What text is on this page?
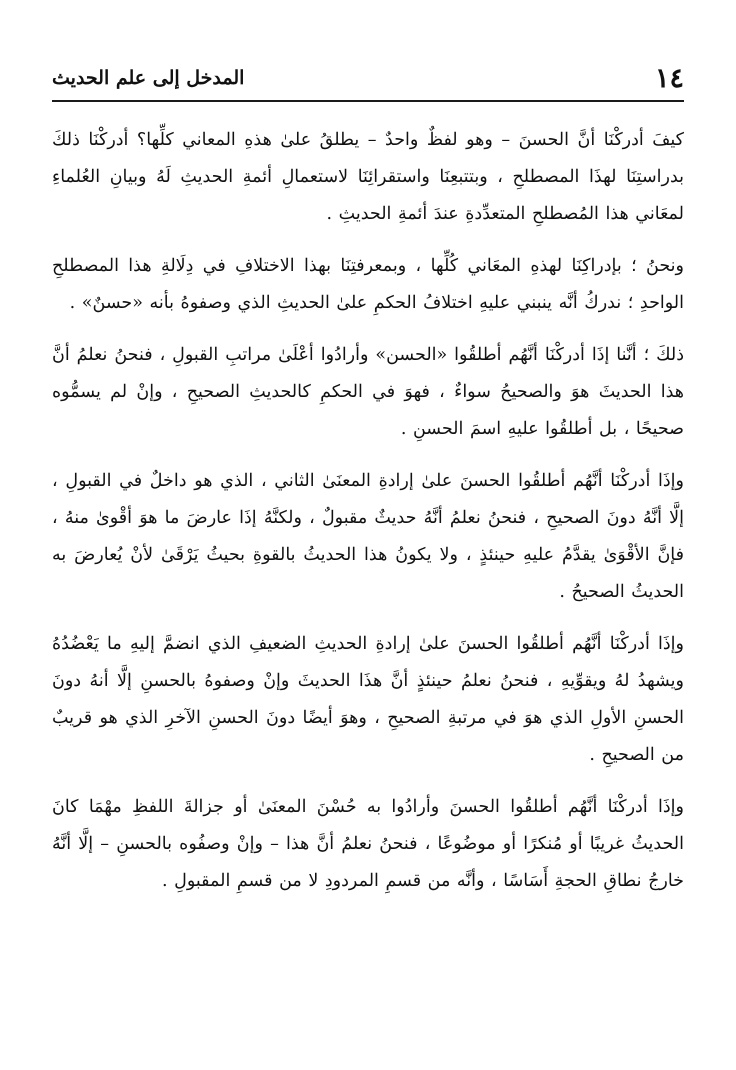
١٤
المدخل إلى علم الحديث

كيفَ أدركْنَا أنَّ الحسنَ – وهو لفظٌ واحدٌ – يطلقُ علىٰ هذهِ المعاني كلِّها؟ أدركْنَا ذلكَ بدراستِنَا لهذَا المصطلحِ ، وبتتبعِنَا واستقرائِنَا لاستعمالِ أئمةِ الحديثِ لَهُ وبيانِ العُلماءِ لمعَاني هذا المُصطلحِ المتعدِّدةِ عندَ أئمةِ الحديثِ .

ونحنُ ؛ بإدراكِنَا لهذهِ المعَاني كُلِّها ، وبمعرفتِنَا بهذا الاختلافِ في دِلَالةِ هذا المصطلحِ الواحدِ ؛ ندركُ أنَّه ينبني عليهِ اختلافُ الحكمِ علىٰ الحديثِ الذي وصفوهُ بأنه «حسنٌ» .

ذلكَ ؛ أنَّنا إذَا أدركْنَا أنَّهُم أطلقُوا «الحسن» وأرادُوا أعْلَىٰ مراتبِ القبولِ ، فنحنُ نعلمُ أنَّ هذا الحديثَ هوَ والصحيحُ سواءٌ ، فهوَ في الحكمِ كالحديثِ الصحيحِ ، وإنْ لم يسمُّوه صحيحًا ، بل أطلقُوا عليهِ اسمَ الحسنِ .

وإذَا أدركْنَا أنَّهُم أطلقُوا الحسنَ علىٰ إرادةِ المعنَىٰ الثاني ، الذي هو داخلٌ في القبولِ ، إلَّا أنَّهُ دونَ الصحيحِ ، فنحنُ نعلمُ أنَّهُ حديثٌ مقبولٌ ، ولكنَّهُ إذَا عارضَ ما هوَ أقْوىٰ منهُ ، فإنَّ الأقْوَىٰ يقدَّمُ عليهِ حينئذٍ ، ولا يكونُ هذا الحديثُ بالقوةِ بحيثُ يَرْقَىٰ لأنْ يُعارضَ به الحديثُ الصحيحُ .

وإذَا أدركْنَا أنَّهُم أطلقُوا الحسنَ علىٰ إرادةِ الحديثِ الضعيفِ الذي انضمَّ إليهِ ما يَعْضُدُهُ ويشهدُ لهُ ويقوِّيهِ ، فنحنُ نعلمُ حينئذٍ أنَّ هذَا الحديثَ وإنْ وصفوهُ بالحسنِ إلَّا أنهُ دونَ الحسنِ الأولِ الذي هوَ في مرتبةِ الصحيحِ ، وهوَ أيضًا دونَ الحسنِ الآخرِ الذي هو قريبٌ من الصحيحِ .

وإذَا أدركْنَا أنَّهُم أطلقُوا الحسنَ وأرادُوا به حُسْنَ المعنَىٰ أو جزالةَ اللفظِ مهْمَا كانَ الحديثُ غريبًا أو مُنكرًا أو موضُوعًا ، فنحنُ نعلمُ أنَّ هذا – وإنْ وصفُوه بالحسنِ – إلَّا أنَّهُ خارجُ نطاقِ الحجةِ أَسَاسًا ، وأنَّه من قسمِ المردودِ لا من قسمِ المقبولِ .
